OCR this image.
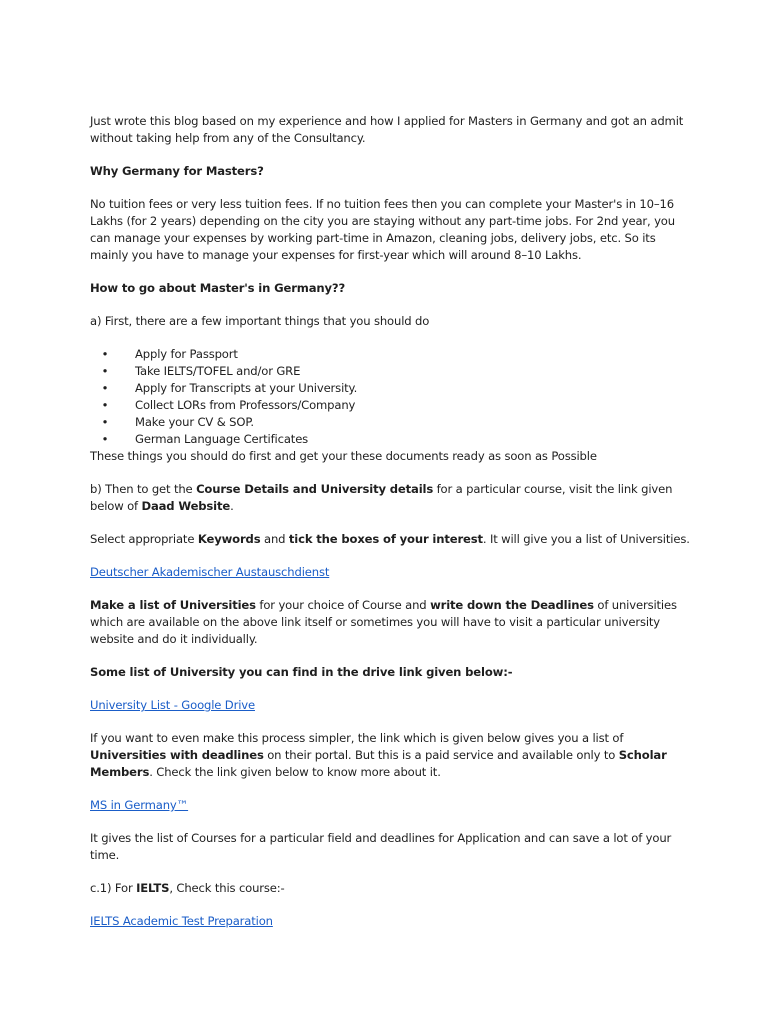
Just wrote this blog based on my experience and how I applied for Masters in Germany and got an admit without taking help from any of the Consultancy.

Why Germany for Masters?

No tuition fees or very less tuition fees. If no tuition fees then you can complete your Master's in 10–16 Lakhs (for 2 years) depending on the city you are staying without any part-time jobs. For 2nd year, you can manage your expenses by working part-time in Amazon, cleaning jobs, delivery jobs, etc. So its mainly you have to manage your expenses for first-year which will around 8–10 Lakhs.

How to go about Master's in Germany??

a) First, there are a few important things that you should do

• Apply for Passport
• Take IELTS/TOFEL and/or GRE
• Apply for Transcripts at your University.
• Collect LORs from Professors/Company
• Make your CV & SOP.
• German Language Certificates

These things you should do first and get your these documents ready as soon as Possible

b) Then to get the Course Details and University details for a particular course, visit the link given below of Daad Website.

Select appropriate Keywords and tick the boxes of your interest. It will give you a list of Universities.

Deutscher Akademischer Austauschdienst

Make a list of Universities for your choice of Course and write down the Deadlines of universities which are available on the above link itself or sometimes you will have to visit a particular university website and do it individually.

Some list of University you can find in the drive link given below:-

University List - Google Drive

If you want to even make this process simpler, the link which is given below gives you a list of Universities with deadlines on their portal. But this is a paid service and available only to Scholar Members. Check the link given below to know more about it.

MS in Germany™

It gives the list of Courses for a particular field and deadlines for Application and can save a lot of your time.

c.1) For IELTS, Check this course:-

IELTS Academic Test Preparation
